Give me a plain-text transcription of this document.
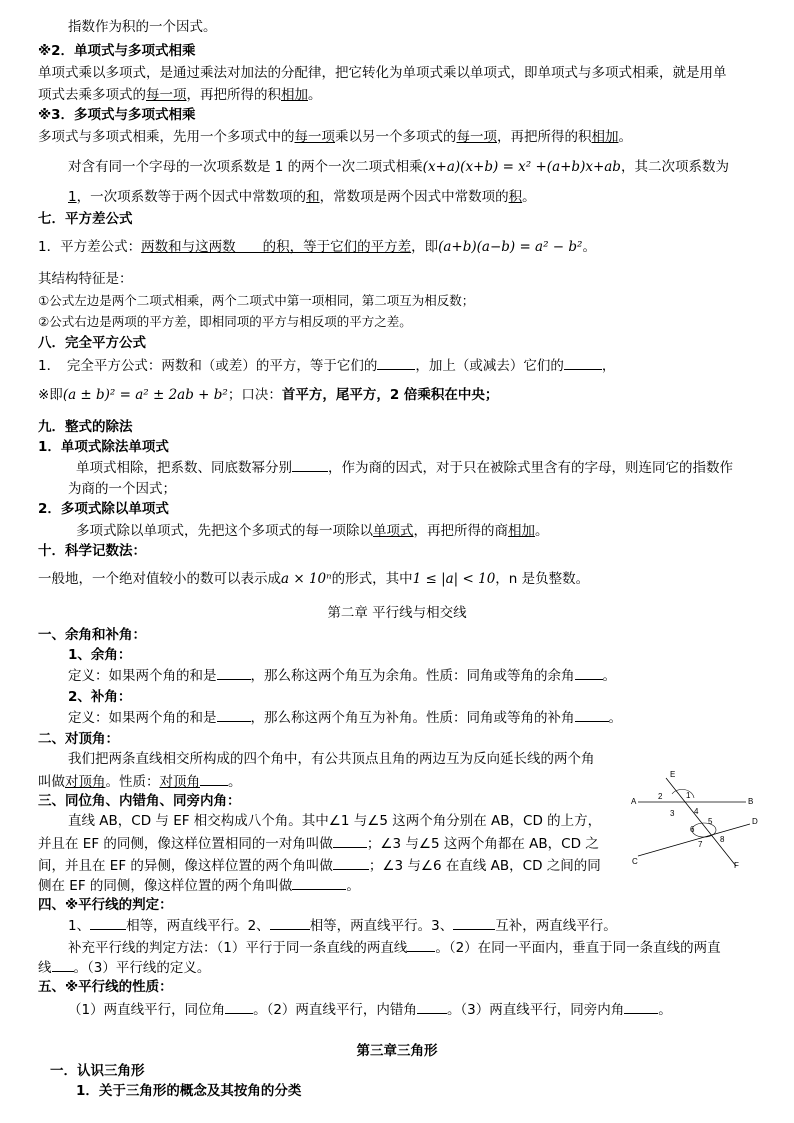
指数作为积的一个因式。
※2．单项式与多项式相乘
单项式乘以多项式，是通过乘法对加法的分配律，把它转化为单项式乘以单项式，即单项式与多项式相乘，就是用单
项式去乘多项式的每一项，再把所得的积相加。
※3．多项式与多项式相乘
多项式与多项式相乘，先用一个多项式中的每一项乘以另一个多项式的每一项，再把所得的积相加。
对含有同一个字母的一次项系数是 1 的两个一次二项式相乘(x+a)(x+b) = x² +(a+b)x+ab，其二次项系数为
1，一次项系数等于两个因式中常数项的和，常数项是两个因式中常数项的积。
七．平方差公式
1．平方差公式：两数和与这两数　　的积，等于它们的平方差，即(a+b)(a−b) = a² − b²。
其结构特征是：
①公式左边是两个二项式相乘，两个二项式中第一项相同，第二项互为相反数；
②公式右边是两项的平方差，即相同项的平方与相反项的平方之差。
八．完全平方公式
1．　完全平方公式：两数和（或差）的平方，等于它们的	，加上（或减去）它们的	，
※即(a ± b)² = a² ± 2ab + b²；口决：首平方，尾平方，2 倍乘积在中央；
九．整式的除法
1．单项式除法单项式
单项式相除，把系数、同底数幂分别	，作为商的因式，对于只在被除式里含有的字母，则连同它的指数作
为商的一个因式；
2．多项式除以单项式
多项式除以单项式，先把这个多项式的每一项除以单项式，再把所得的商相加。
十．科学记数法：
一般地，一个绝对值较小的数可以表示成a × 10ⁿ的形式，其中1 ≤ |a| < 10，n 是负整数。
第二章 平行线与相交线
一、余角和补角：
1、余角：
定义：如果两个角的和是	，那么称这两个角互为余角。性质：同角或等角的余角 。
2、补角：
定义：如果两个角的和是	，那么称这两个角互为补角。性质：同角或等角的补角	。
二、对顶角：
我们把两条直线相交所构成的四个角中，有公共顶点且角的两边互为反向延长线的两个角
叫做对顶角。性质：对顶角 。
三、同位角、内错角、同旁内角：
直线 AB，CD 与 EF 相交构成八个角。其中∠1 与∠5 这两个角分别在 AB，CD 的上方，
并且在 EF 的同侧，像这样位置相同的一对角叫做	；∠3 与∠5 这两个角都在 AB，CD 之
间，并且在 EF 的异侧，像这样位置的两个角叫做	；∠3 与∠6 在直线 AB，CD 之间的同
侧在 EF 的同侧，像这样位置的两个角叫做	。
四、※平行线的判定：
1、	相等，两直线平行。2、	相等，两直线平行。3、	互补，两直线平行。
补充平行线的判定方法：（1）平行于同一条直线的两直线 。（2）在同一平面内，垂直于同一条直线的两直
线 。（3）平行线的定义。
五、※平行线的性质：
（1）两直线平行，同位角 。（2）两直线平行，内错角 。（3）两直线平行，同旁内角	。
第三章三角形
一．认识三角形
1．关于三角形的概念及其按角的分类
E
A	B
C
D
F
1
2
3 4
5
6
7
8
